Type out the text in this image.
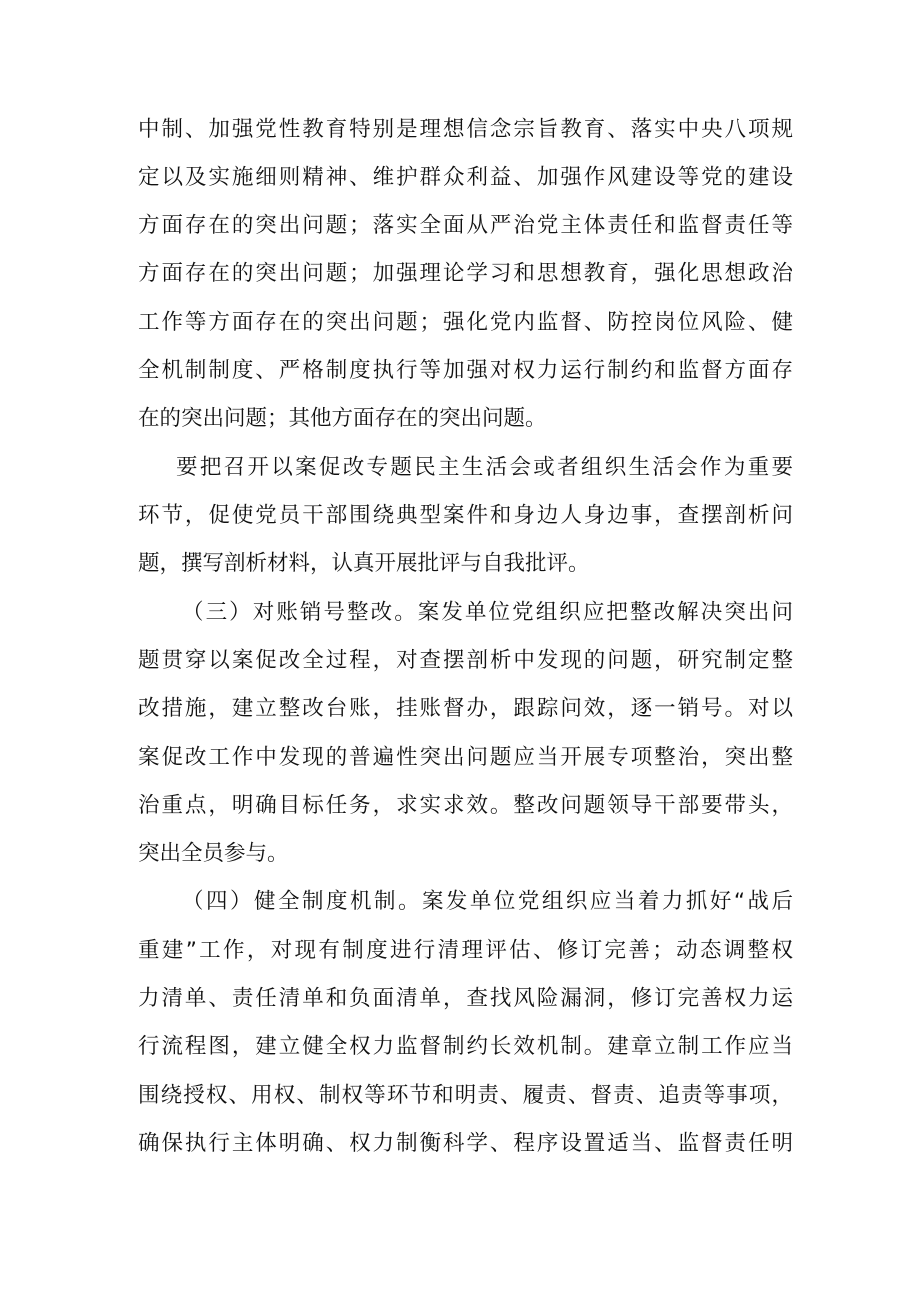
中制、加强党性教育特别是理想信念宗旨教育、落实中央八项规
定以及实施细则精神、维护群众利益、加强作风建设等党的建设
方面存在的突出问题；落实全面从严治党主体责任和监督责任等
方面存在的突出问题；加强理论学习和思想教育，强化思想政治
工作等方面存在的突出问题；强化党内监督、防控岗位风险、健
全机制制度、严格制度执行等加强对权力运行制约和监督方面存
在的突出问题；其他方面存在的突出问题。
要把召开以案促改专题民主生活会或者组织生活会作为重要
环节，促使党员干部围绕典型案件和身边人身边事，查摆剖析问
题，撰写剖析材料，认真开展批评与自我批评。
（三）对账销号整改。案发单位党组织应把整改解决突出问
题贯穿以案促改全过程，对查摆剖析中发现的问题，研究制定整
改措施，建立整改台账，挂账督办，跟踪问效，逐一销号。对以
案促改工作中发现的普遍性突出问题应当开展专项整治，突出整
治重点，明确目标任务，求实求效。整改问题领导干部要带头，
突出全员参与。
（四）健全制度机制。案发单位党组织应当着力抓好“战后
重建”工作，对现有制度进行清理评估、修订完善；动态调整权
力清单、责任清单和负面清单，查找风险漏洞，修订完善权力运
行流程图，建立健全权力监督制约长效机制。建章立制工作应当
围绕授权、用权、制权等环节和明责、履责、督责、追责等事项，
确保执行主体明确、权力制衡科学、程序设置适当、监督责任明
